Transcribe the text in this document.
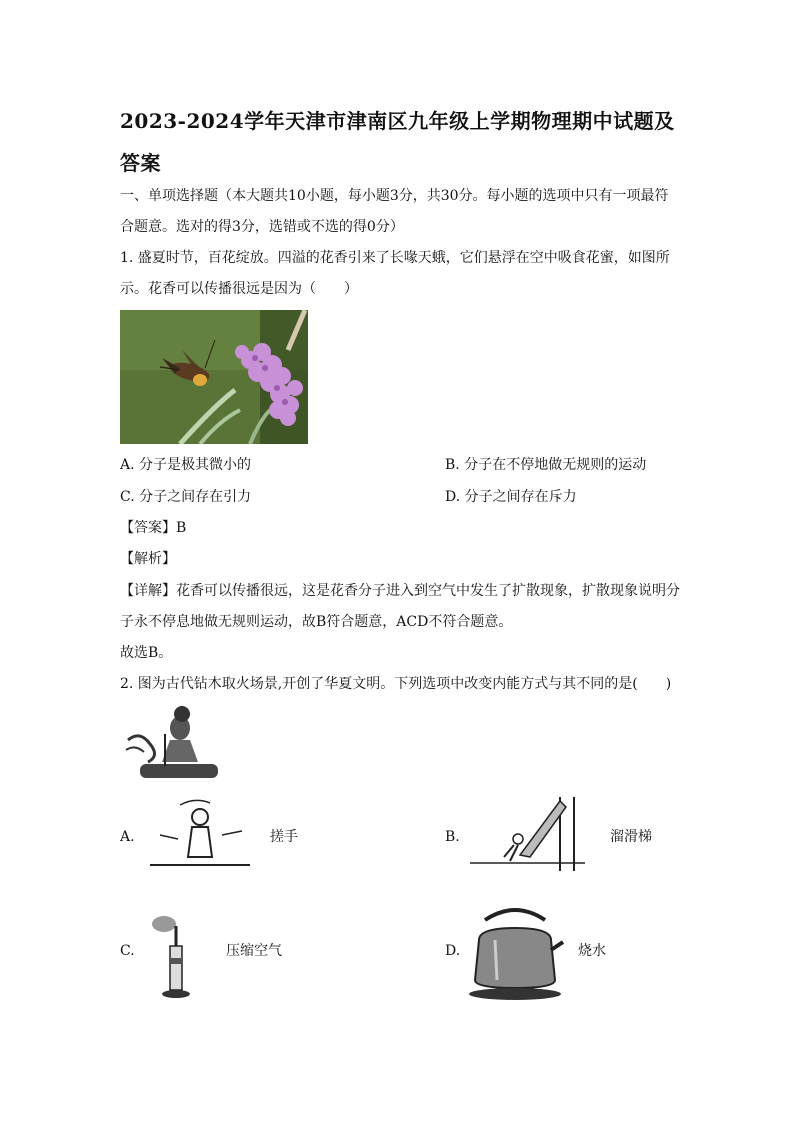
2023-2024学年天津市津南区九年级上学期物理期中试题及答案
一、单项选择题（本大题共10小题，每小题3分，共30分。每小题的选项中只有一项最符合题意。选对的得3分，选错或不选的得0分）
1. 盛夏时节，百花绽放。四溢的花香引来了长喙天蛾，它们悬浮在空中吸食花蜜，如图所示。花香可以传播很远是因为（　　）
A. 分子是极其微小的	B. 分子在不停地做无规则的运动
C. 分子之间存在引力	D. 分子之间存在斥力
【答案】B
【解析】
【详解】花香可以传播很远，这是花香分子进入到空气中发生了扩散现象，扩散现象说明分子永不停息地做无规则运动，故B符合题意，ACD不符合题意。
故选B。
2. 图为古代钻木取火场景,开创了华夏文明。下列选项中改变内能方式与其不同的是(　　)
A.	搓手	B.	溜滑梯
C.	压缩空气	D.	烧水
